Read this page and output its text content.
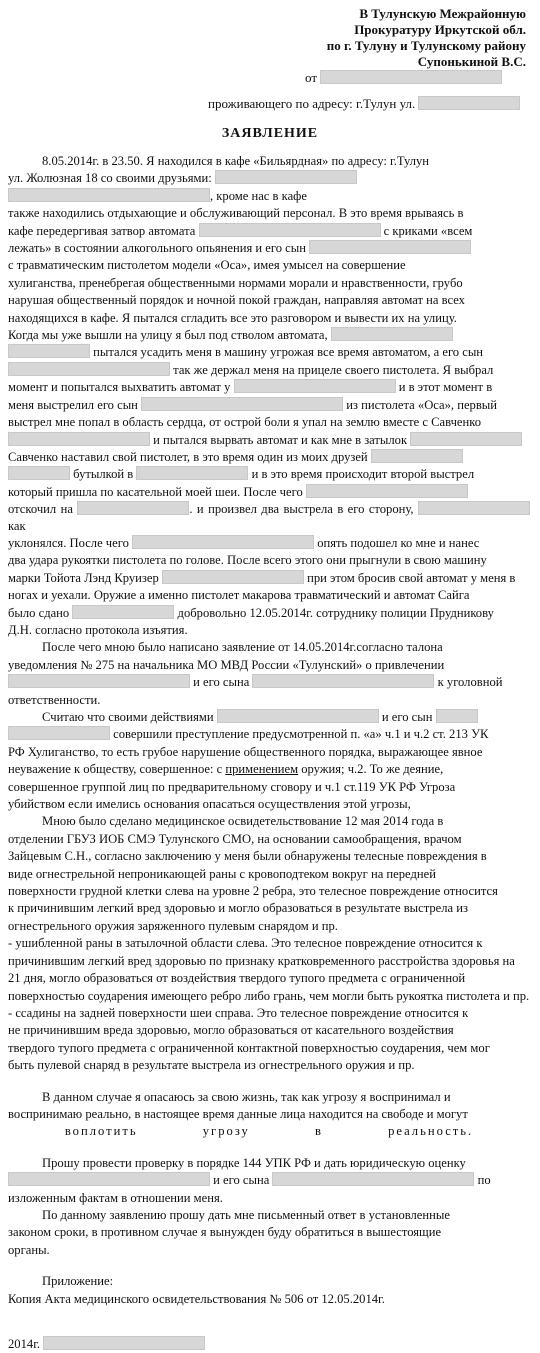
В Тулунскую Межрайонную
Прокуратуру Иркутской обл.
по г. Тулуну и Тулунскому району
Супонькиной В.С.
от
проживающего по адресу: г.Тулун ул.
ЗАЯВЛЕНИЕ

8.05.2014г. в 23.50. Я находился в кафе «Бильярдная» по адресу: г.Тулун

ул. Жолюзная 18 со своими друзьями:

, кроме нас в кафе

также находились отдыхающие и обслуживающий персонал. В это время врываясь в

кафе передергивая затвор автомата	с криками «всем

лежать» в состоянии алкогольного опьянения и его сын

с травматическим пистолетом модели «Оса», имея умысел на совершение

хулиганства, пренебрегая общественными нормами морали и нравственности, грубо

нарушая общественный порядок и ночной покой граждан, направляя автомат на всех

находящихся в кафе. Я пытался сгладить все это разговором и вывести их на улицу.

Когда мы уже вышли на улицу я был под стволом автомата,

пытался усадить меня в машину угрожая все время автоматом, а его сын

так же держал меня на прицеле своего пистолета. Я выбрал

момент и попытался выхватить автомат у	и в этот момент в

меня выстрелил его сын	из пистолета «Оса», первый

выстрел мне попал в область сердца, от острой боли я упал на землю вместе с Савченко

и пытался вырвать автомат и как мне в затылок

Савченко наставил свой пистолет, в это время один из моих друзей

бутылкой в	и в это время происходит второй выстрел

который пришла по касательной моей шеи. После чего

отскочил на	. и произвел два выстрела в его сторону,  как

уклонялся. После чего	опять подошел ко мне и нанес

два удара рукоятки пистолета по голове. После всего этого они прыгнули в свою машину

марки Тойота Лэнд Круизер	при этом бросив свой автомат у меня в

ногах и уехали. Оружие а именно пистолет макарова травматический и автомат Сайга

было сдано	добровольно 12.05.2014г. сотруднику полиции Прудникову

Д.Н. согласно протокола изъятия.

После чего мною было написано заявление от 14.05.2014г.согласно талона

уведомления № 275 на начальника МО МВД России «Тулунский» о привлечении

и его сына	к уголовной

ответственности.

Считаю что своими действиями	и его сын

совершили преступление предусмотренной п. «а» ч.1 и ч.2 ст. 213 УК

РФ Хулиганство, то есть грубое нарушение общественного порядка, выражающее явное

неуважение к обществу, совершенное: с применением оружия; ч.2. То же деяние,

совершенное группой лиц по предварительному сговору и ч.1 ст.119 УК РФ Угроза

убийством если имелись основания опасаться осуществления этой угрозы,

Мною было сделано медицинское освидетельствование 12 мая 2014 года в

отделении ГБУЗ ИОБ СМЭ Тулунского СМО, на основании самообращения, врачом

Зайцевым С.Н., согласно заключению у меня были обнаружены телесные повреждения в

виде огнестрельной непроникающей раны с кровоподтеком вокруг на передней

поверхности грудной клетки слева на уровне 2 ребра, это телесное повреждение относится

к причинившим легкий вред здоровью и могло образоваться в результате выстрела из

огнестрельного оружия заряженного пулевым снарядом и пр.

- ушибленной раны в затылочной области слева. Это телесное повреждение относится к

причинившим легкий вред здоровью по признаку кратковременного расстройства здоровья на

21 дня, могло образоваться от воздействия твердого тупого предмета с ограниченной

поверхностью соударения имеющего ребро либо грань, чем могли быть рукоятка пистолета и пр.

- ссадины на задней поверхности шеи справа. Это телесное повреждение относится к

не причинившим вреда здоровью, могло образоваться от касательного воздействия

твердого тупого предмета с ограниченной контактной поверхностью соударения, чем мог

быть пулевой снаряд в результате выстрела из огнестрельного оружия и пр.

В данном случае я опасаюсь за свою жизнь, так как угрозу я воспринимал и

воспринимаю реально, в настоящее время данные лица находится на свободе и могут

воплотить угрозу в реальность.

Прошу провести проверку в порядке 144 УПК РФ и дать юридическую оценку

и его сына	по

изложенным фактам в отношении меня.

По данному заявлению прошу дать мне письменный ответ в установленные

законом сроки, в противном случае я вынужден буду обратиться в вышестоящие

органы.

Приложение:

Копия Акта медицинского освидетельствования № 506 от 12.05.2014г.

2014г.
